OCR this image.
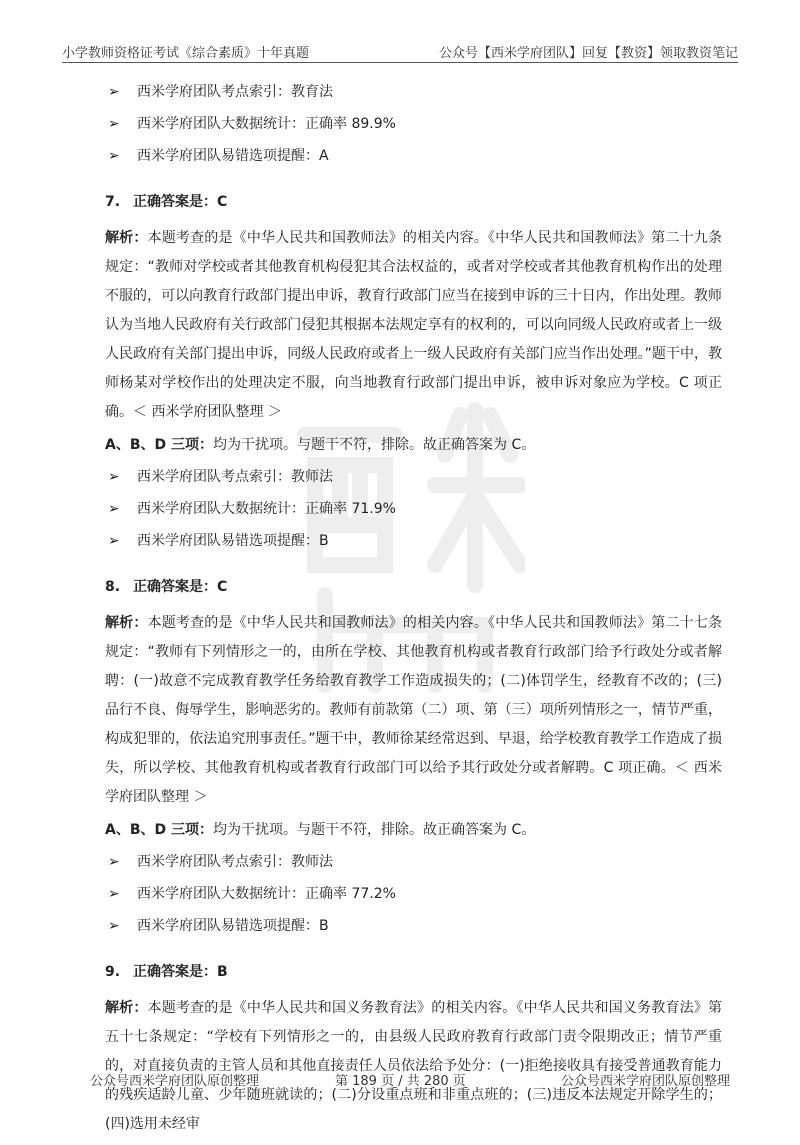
小学教师资格证考试《综合素质》十年真题	公众号【西米学府团队】回复【教资】领取教资笔记
➢ 西米学府团队考点索引：教育法
➢ 西米学府团队大数据统计：正确率 89.9%
➢ 西米学府团队易错选项提醒：A
7. 正确答案是：C
解析：本题考查的是《中华人民共和国教师法》的相关内容。《中华人民共和国教师法》第二十九条规定：“教师对学校或者其他教育机构侵犯其合法权益的，或者对学校或者其他教育机构作出的处理不服的，可以向教育行政部门提出申诉，教育行政部门应当在接到申诉的三十日内，作出处理。教师认为当地人民政府有关行政部门侵犯其根据本法规定享有的权利的，可以向同级人民政府或者上一级人民政府有关部门提出申诉，同级人民政府或者上一级人民政府有关部门应当作出处理。”题干中，教师杨某对学校作出的处理决定不服，向当地教育行政部门提出申诉，被申诉对象应为学校。C 项正确。＜ 西米学府团队整理 ＞
A、B、D 三项：均为干扰项。与题干不符，排除。故正确答案为 C。
➢ 西米学府团队考点索引：教师法
➢ 西米学府团队大数据统计：正确率 71.9%
➢ 西米学府团队易错选项提醒：B
8. 正确答案是：C
解析：本题考查的是《中华人民共和国教师法》的相关内容。《中华人民共和国教师法》第二十七条规定：“教师有下列情形之一的，由所在学校、其他教育机构或者教育行政部门给予行政处分或者解聘：(一)故意不完成教育教学任务给教育教学工作造成损失的；(二)体罚学生，经教育不改的；(三)品行不良、侮辱学生，影响恶劣的。教师有前款第（二）项、第（三）项所列情形之一，情节严重，构成犯罪的，依法追究刑事责任。”题干中，教师徐某经常迟到、早退，给学校教育教学工作造成了损失，所以学校、其他教育机构或者教育行政部门可以给予其行政处分或者解聘。C 项正确。＜ 西米学府团队整理 ＞
A、B、D 三项：均为干扰项。与题干不符，排除。故正确答案为 C。
➢ 西米学府团队考点索引：教师法
➢ 西米学府团队大数据统计：正确率 77.2%
➢ 西米学府团队易错选项提醒：B
9. 正确答案是：B
解析：本题考查的是《中华人民共和国义务教育法》的相关内容。《中华人民共和国义务教育法》第五十七条规定：“学校有下列情形之一的，由县级人民政府教育行政部门责令限期改正；情节严重的，对直接负责的主管人员和其他直接责任人员依法给予处分：(一)拒绝接收具有接受普通教育能力的残疾适龄儿童、少年随班就读的；(二)分设重点班和非重点班的；(三)违反本法规定开除学生的；(四)选用未经审
公众号西米学府团队原创整理	第 189 页 / 共 280 页	公众号西米学府团队原创整理
